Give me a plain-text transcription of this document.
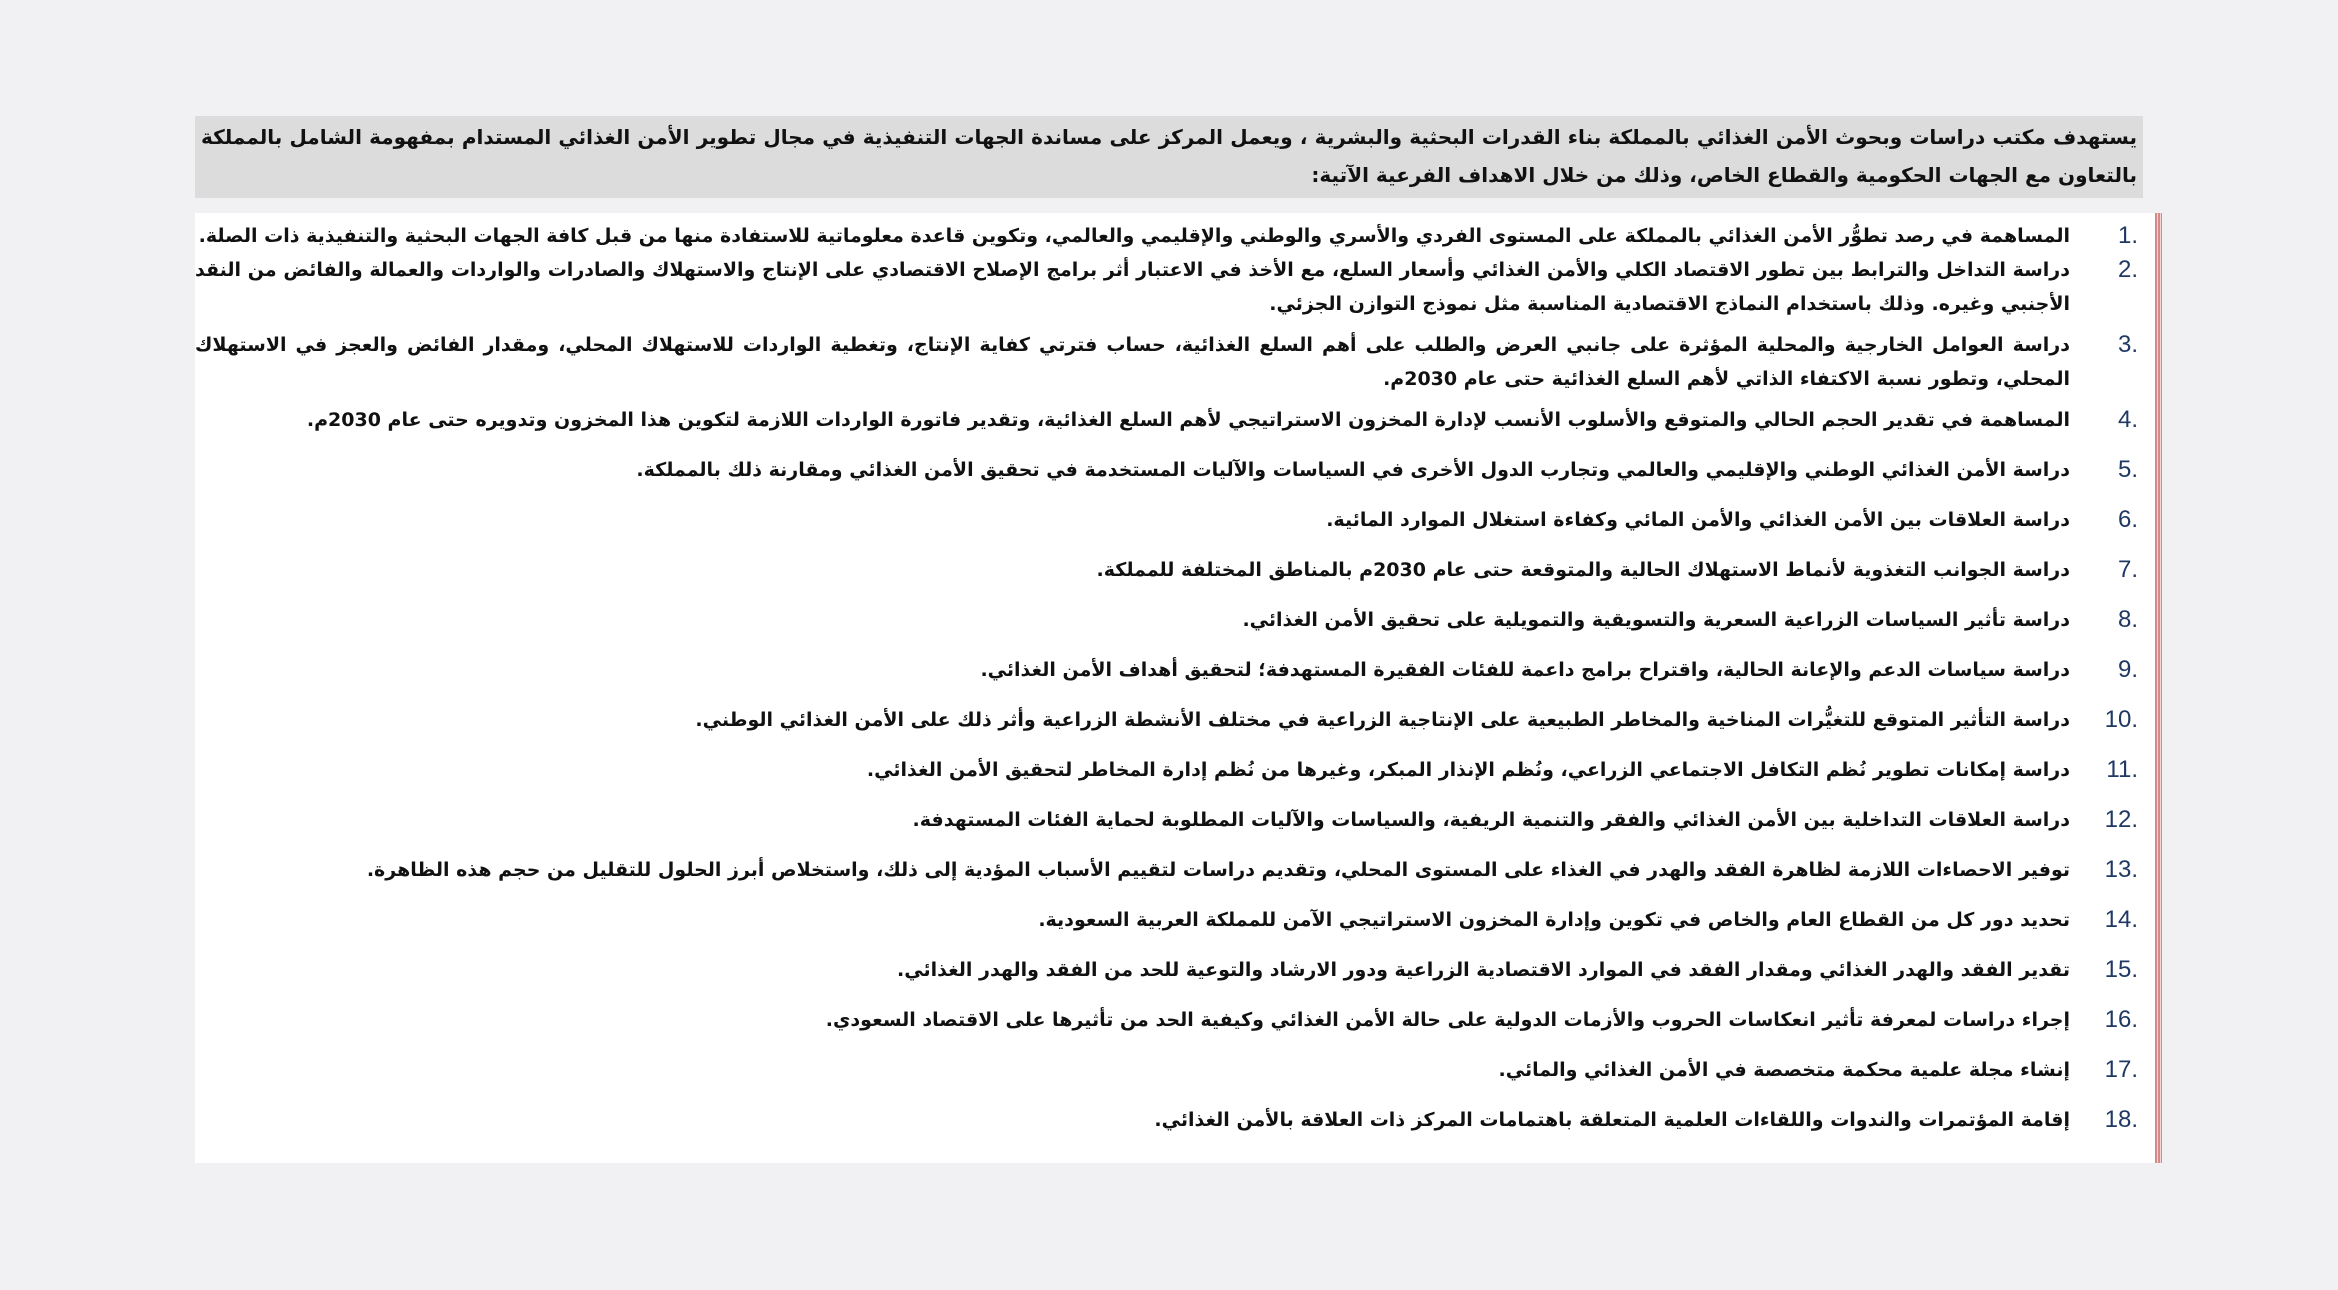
يستهدف مكتب دراسات وبحوث الأمن الغذائي بالمملكة بناء القدرات البحثية والبشرية ، ويعمل المركز على مساندة الجهات التنفيذية في مجال تطوير الأمن الغذائي المستدام بمفهومة الشامل بالمملكة بالتعاون مع الجهات الحكومية والقطاع الخاص، وذلك من خلال الاهداف الفرعية الآتية:
1.
المساهمة في رصد تطوُّر الأمن الغذائي بالمملكة على المستوى الفردي والأسري والوطني والإقليمي والعالمي، وتكوين قاعدة معلوماتية للاستفادة منها من قبل كافة الجهات البحثية والتنفيذية ذات الصلة.
2.
دراسة التداخل والترابط بين تطور الاقتصاد الكلي والأمن الغذائي وأسعار السلع، مع الأخذ في الاعتبار أثر برامج الإصلاح الاقتصادي على الإنتاج والاستهلاك والصادرات والواردات والعمالة والفائض من النقد الأجنبي وغيره. وذلك باستخدام النماذج الاقتصادية المناسبة مثل نموذج التوازن الجزئي.
3.
دراسة العوامل الخارجية والمحلية المؤثرة على جانبي العرض والطلب على أهم السلع الغذائية، حساب فترتي كفاية الإنتاج، وتغطية الواردات للاستهلاك المحلي، ومقدار الفائض والعجز في الاستهلاك المحلي، وتطور نسبة الاكتفاء الذاتي لأهم السلع الغذائية حتى عام 2030م.
4.
المساهمة في تقدير الحجم الحالي والمتوقع والأسلوب الأنسب لإدارة المخزون الاستراتيجي لأهم السلع الغذائية، وتقدير فاتورة الواردات اللازمة لتكوين هذا المخزون وتدويره حتى عام 2030م.
5.
دراسة الأمن الغذائي الوطني والإقليمي والعالمي وتجارب الدول الأخرى في السياسات والآليات المستخدمة في تحقيق الأمن الغذائي ومقارنة ذلك بالمملكة.
6.
دراسة العلاقات بين الأمن الغذائي والأمن المائي وكفاءة استغلال الموارد المائية.
7.
دراسة الجوانب التغذوية لأنماط الاستهلاك الحالية والمتوقعة حتى عام 2030م بالمناطق المختلفة للمملكة.
8.
دراسة تأثير السياسات الزراعية السعرية والتسويقية والتمويلية على تحقيق الأمن الغذائي.
9.
دراسة سياسات الدعم والإعانة الحالية، واقتراح برامج داعمة للفئات الفقيرة المستهدفة؛ لتحقيق أهداف الأمن الغذائي.
10.
دراسة التأثير المتوقع للتغيُّرات المناخية والمخاطر الطبيعية على الإنتاجية الزراعية في مختلف الأنشطة الزراعية وأثر ذلك على الأمن الغذائي الوطني.
11.
دراسة إمكانات تطوير نُظم التكافل الاجتماعي الزراعي، ونُظم الإنذار المبكر، وغيرها من نُظم إدارة المخاطر لتحقيق الأمن الغذائي.
12.
دراسة العلاقات التداخلية بين الأمن الغذائي والفقر والتنمية الريفية، والسياسات والآليات المطلوبة لحماية الفئات المستهدفة.
13.
توفير الاحصاءات اللازمة لظاهرة الفقد والهدر في الغذاء على المستوى المحلي، وتقديم دراسات لتقييم الأسباب المؤدية إلى ذلك، واستخلاص أبرز الحلول للتقليل من حجم هذه الظاهرة.
14.
تحديد دور كل من القطاع العام والخاص في تكوين وإدارة المخزون الاستراتيجي الآمن للمملكة العربية السعودية.
15.
تقدير الفقد والهدر الغذائي ومقدار الفقد في الموارد الاقتصادية الزراعية ودور الارشاد والتوعية للحد من الفقد والهدر الغذائي.
16.
إجراء دراسات لمعرفة تأثير انعكاسات الحروب والأزمات الدولية على حالة الأمن الغذائي وكيفية الحد من تأثيرها على الاقتصاد السعودي.
17.
إنشاء مجلة علمية محكمة متخصصة في الأمن الغذائي والمائي.
18.
إقامة المؤتمرات والندوات واللقاءات العلمية المتعلقة باهتمامات المركز ذات العلاقة بالأمن الغذائي.
